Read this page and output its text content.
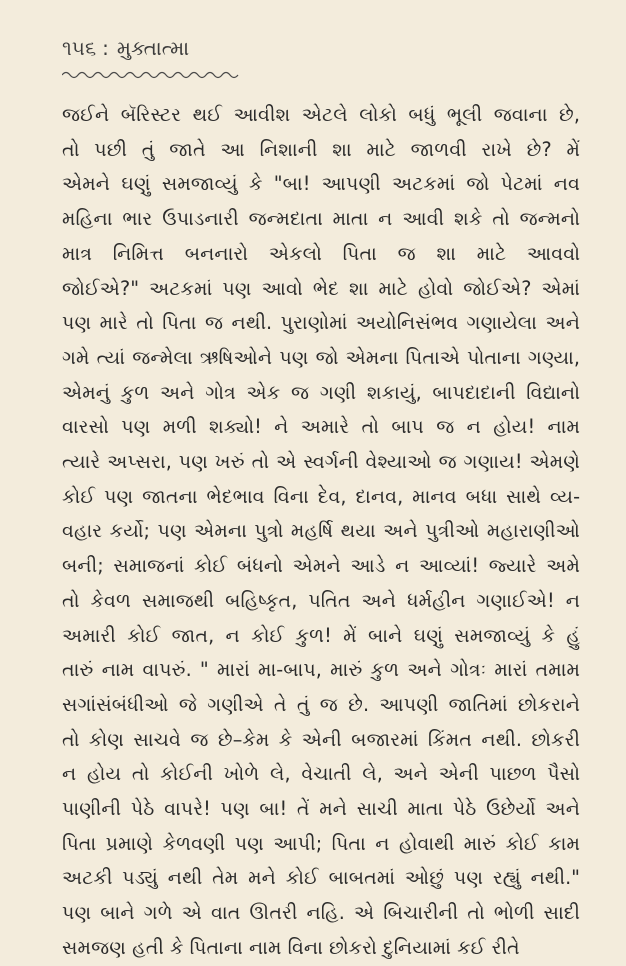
૧૫૬ : મુક્તાત્મા
જઈને બૅરિસ્ટર થઈ આવીશ એટલે લોકો બધું ભૂલી જવાના છે,
તો પછી તું જાતે આ નિશાની શા માટે જાળવી રાખે છે? મેં
એમને ઘણું સમજાવ્યું કે "બા! આપણી અટકમાં જો પેટમાં નવ
મહિના ભાર ઉપાડનારી જન્મદાતા માતા ન આવી શકે તો જન્મનો
માત્ર નિમિત્ત બનનારો એકલો પિતા જ શા માટે આવવો
જોઈએ?" અટકમાં પણ આવો ભેદ શા માટે હોવો જોઈએ? એમાં
પણ મારે તો પિતા જ નથી. પુરાણોમાં અયોનિસંભવ ગણાયેલા અને
ગમે ત્યાં જન્મેલા ઋષિઓને પણ જો એમના પિતાએ પોતાના ગણ્યા,
એમનું કુળ અને ગોત્ર એક જ ગણી શકાયું, બાપદાદાની વિદ્યાનો
વારસો પણ મળી શક્યો! ને અમારે તો બાપ જ ન હોય! નામ
ત્યારે અપ્સરા, પણ ખરું તો એ સ્વર્ગની વેશ્યાઓ જ ગણાય! એમણે
કોઈ પણ જાતના ભેદભાવ વિના દેવ, દાનવ, માનવ બધા સાથે વ્ય-
વહાર કર્યો; પણ એમના પુત્રો મહર્ષિ થયા અને પુત્રીઓ મહારાણીઓ
બની; સમાજનાં કોઈ બંધનો એમને આડે ન આવ્યાં! જ્યારે અમે
તો કેવળ સમાજથી બહિષ્કૃત, પતિત અને ધર્મહીન ગણાઈએ! ન
અમારી કોઈ જાત, ન કોઈ કુળ! મેં બાને ઘણું સમજાવ્યું કે હું
તારું નામ વાપરું. " મારાં મા-બાપ, મારું કુળ અને ગોત્રઃ મારાં તમામ
સગાંસંબંધીઓ જે ગણીએ તે તું જ છે. આપણી જાતિમાં છોકરાને
તો કોણ સાચવે જ છે–કેમ કે એની બજારમાં કિંમત નથી. છોકરી
ન હોય તો કોઈની ખોળે લે, વેચાતી લે, અને એની પાછળ પૈસો
પાણીની પેઠે વાપરે! પણ બા! તેં મને સાચી માતા પેઠે ઉછેર્યો અને
પિતા પ્રમાણે કેળવણી પણ આપી; પિતા ન હોવાથી મારું કોઈ કામ
અટકી પડ્યું નથી તેમ મને કોઈ બાબતમાં ઓછું પણ રહ્યું નથી."
પણ બાને ગળે એ વાત ઊતરી નહિ. એ બિચારીની તો ભોળી સાદી
સમજણ હતી કે પિતાના નામ વિના છોકરો દુનિયામાં કઈ રીતે
